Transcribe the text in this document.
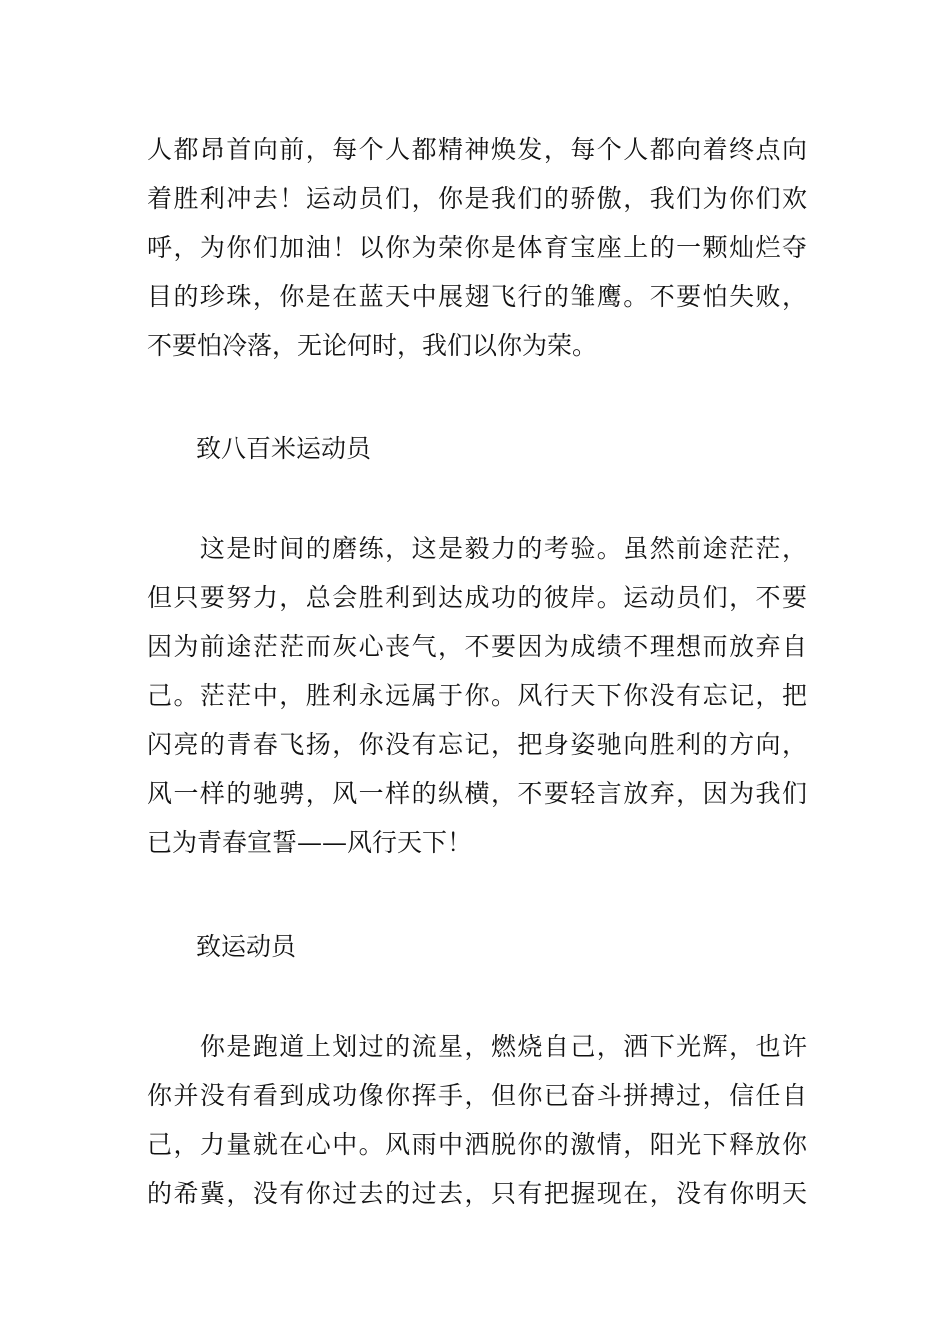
人都昂首向前，每个人都精神焕发，每个人都向着终点向
着胜利冲去！运动员们，你是我们的骄傲，我们为你们欢
呼，为你们加油！以你为荣你是体育宝座上的一颗灿烂夺
目的珍珠，你是在蓝天中展翅飞行的雏鹰。不要怕失败，
不要怕冷落，无论何时，我们以你为荣。
致八百米运动员
　　这是时间的磨练，这是毅力的考验。虽然前途茫茫，
但只要努力，总会胜利到达成功的彼岸。运动员们，不要
因为前途茫茫而灰心丧气，不要因为成绩不理想而放弃自
己。茫茫中，胜利永远属于你。风行天下你没有忘记，把
闪亮的青春飞扬，你没有忘记，把身姿驰向胜利的方向，
风一样的驰骋，风一样的纵横，不要轻言放弃，因为我们
已为青春宣誓——风行天下！
致运动员
　　你是跑道上划过的流星，燃烧自己，洒下光辉，也许
你并没有看到成功像你挥手，但你已奋斗拼搏过，信任自
己，力量就在心中。风雨中洒脱你的激情，阳光下释放你
的希冀，没有你过去的过去，只有把握现在，没有你明天
